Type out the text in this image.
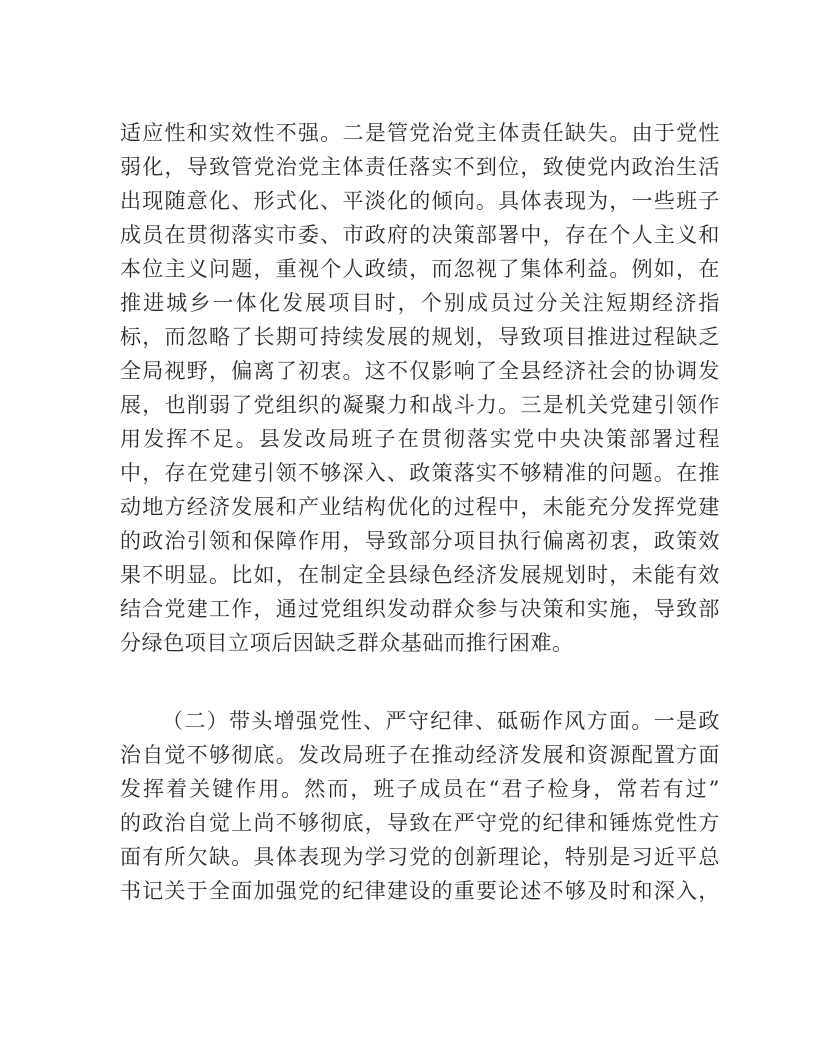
适应性和实效性不强。二是管党治党主体责任缺失。由于党性
弱化，导致管党治党主体责任落实不到位，致使党内政治生活
出现随意化、形式化、平淡化的倾向。具体表现为，一些班子
成员在贯彻落实市委、市政府的决策部署中，存在个人主义和
本位主义问题，重视个人政绩，而忽视了集体利益。例如，在
推进城乡一体化发展项目时，个别成员过分关注短期经济指
标，而忽略了长期可持续发展的规划，导致项目推进过程缺乏
全局视野，偏离了初衷。这不仅影响了全县经济社会的协调发
展，也削弱了党组织的凝聚力和战斗力。三是机关党建引领作
用发挥不足。县发改局班子在贯彻落实党中央决策部署过程
中，存在党建引领不够深入、政策落实不够精准的问题。在推
动地方经济发展和产业结构优化的过程中，未能充分发挥党建
的政治引领和保障作用，导致部分项目执行偏离初衷，政策效
果不明显。比如，在制定全县绿色经济发展规划时，未能有效
结合党建工作，通过党组织发动群众参与决策和实施，导致部
分绿色项目立项后因缺乏群众基础而推行困难。
（二）带头增强党性、严守纪律、砥砺作风方面。一是政
治自觉不够彻底。发改局班子在推动经济发展和资源配置方面
发挥着关键作用。然而，班子成员在“君子检身，常若有过”
的政治自觉上尚不够彻底，导致在严守党的纪律和锤炼党性方
面有所欠缺。具体表现为学习党的创新理论，特别是习近平总
书记关于全面加强党的纪律建设的重要论述不够及时和深入，
